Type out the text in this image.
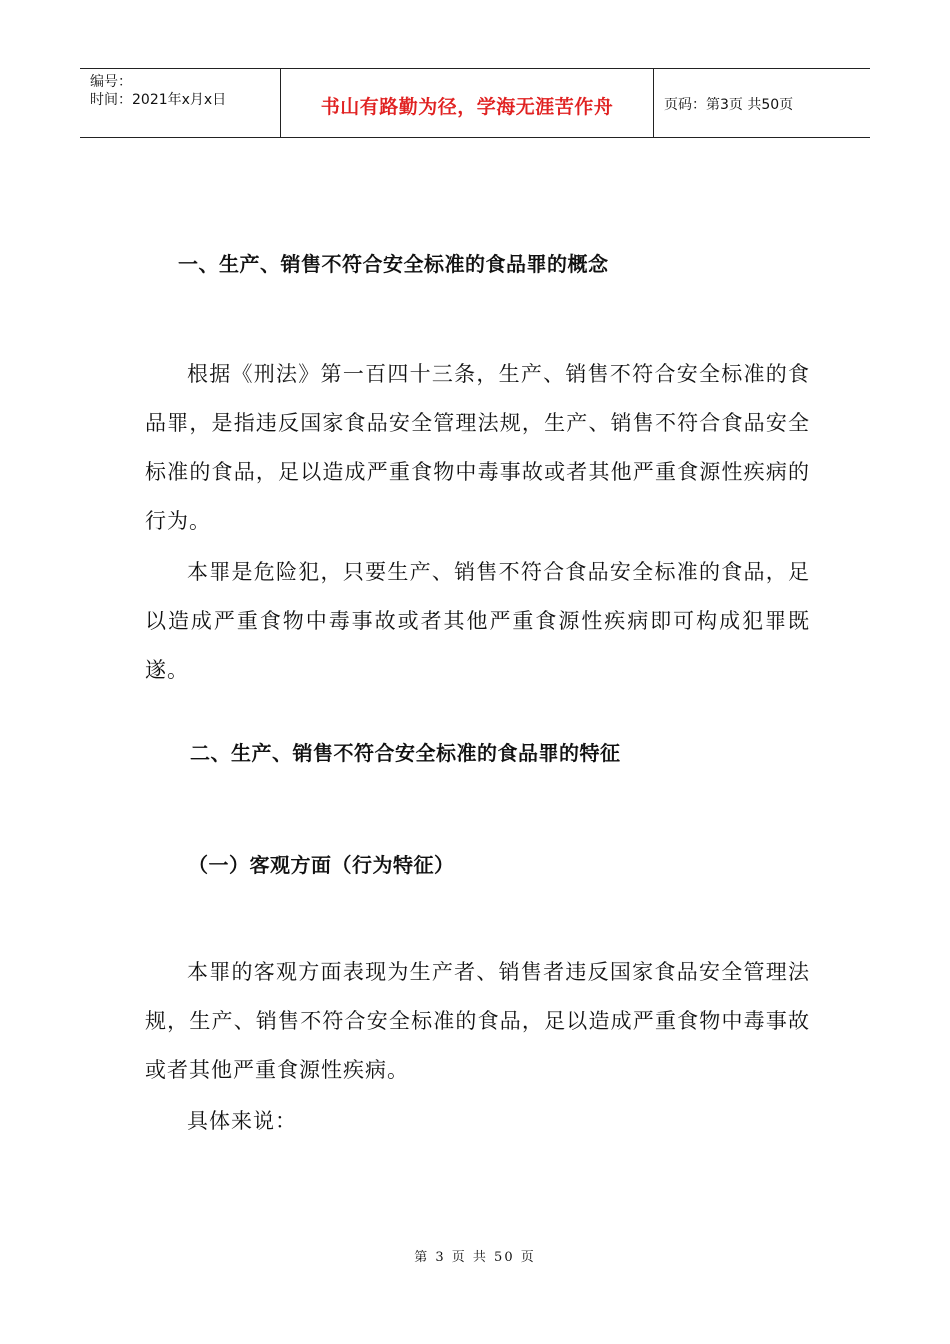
编号：
时间：2021年x月x日	书山有路勤为径，学海无涯苦作舟	页码：第3页 共50页
一、生产、销售不符合安全标准的食品罪的概念
根据《刑法》第一百四十三条，生产、销售不符合安全标准的食品罪，是指违反国家食品安全管理法规，生产、销售不符合食品安全标准的食品，足以造成严重食物中毒事故或者其他严重食源性疾病的行为。
本罪是危险犯，只要生产、销售不符合食品安全标准的食品，足以造成严重食物中毒事故或者其他严重食源性疾病即可构成犯罪既遂。
二、生产、销售不符合安全标准的食品罪的特征
（一）客观方面（行为特征）
本罪的客观方面表现为生产者、销售者违反国家食品安全管理法规，生产、销售不符合安全标准的食品，足以造成严重食物中毒事故或者其他严重食源性疾病。
具体来说：
第 3 页 共 50 页
